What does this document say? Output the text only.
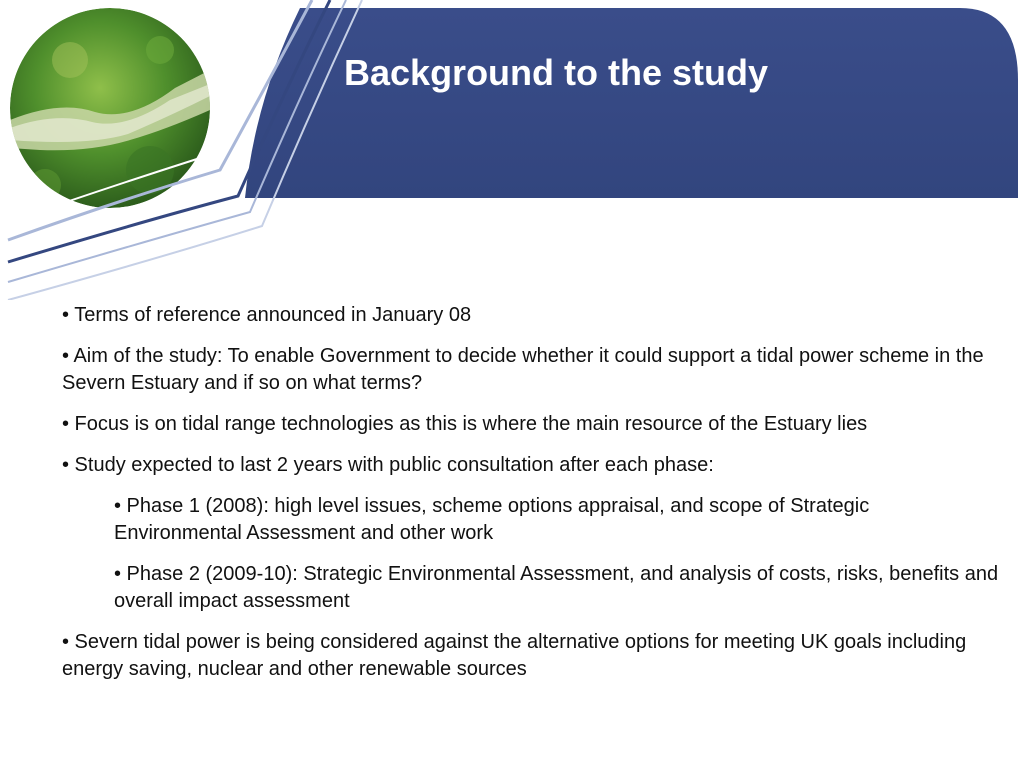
Background to the study

• Terms of reference announced in January 08

• Aim of the study: To enable Government to decide whether it could support a tidal power scheme in the Severn Estuary and if so on what terms?

• Focus is on tidal range technologies as this is where the main resource of the Estuary lies

• Study expected to last 2 years with public consultation after each phase:

• Phase 1 (2008): high level issues, scheme options appraisal, and scope of Strategic Environmental Assessment and other work

• Phase 2 (2009-10): Strategic Environmental Assessment, and analysis of costs, risks, benefits and overall impact assessment

• Severn tidal power is being considered against the alternative options for meeting UK goals including energy saving, nuclear and other renewable sources
